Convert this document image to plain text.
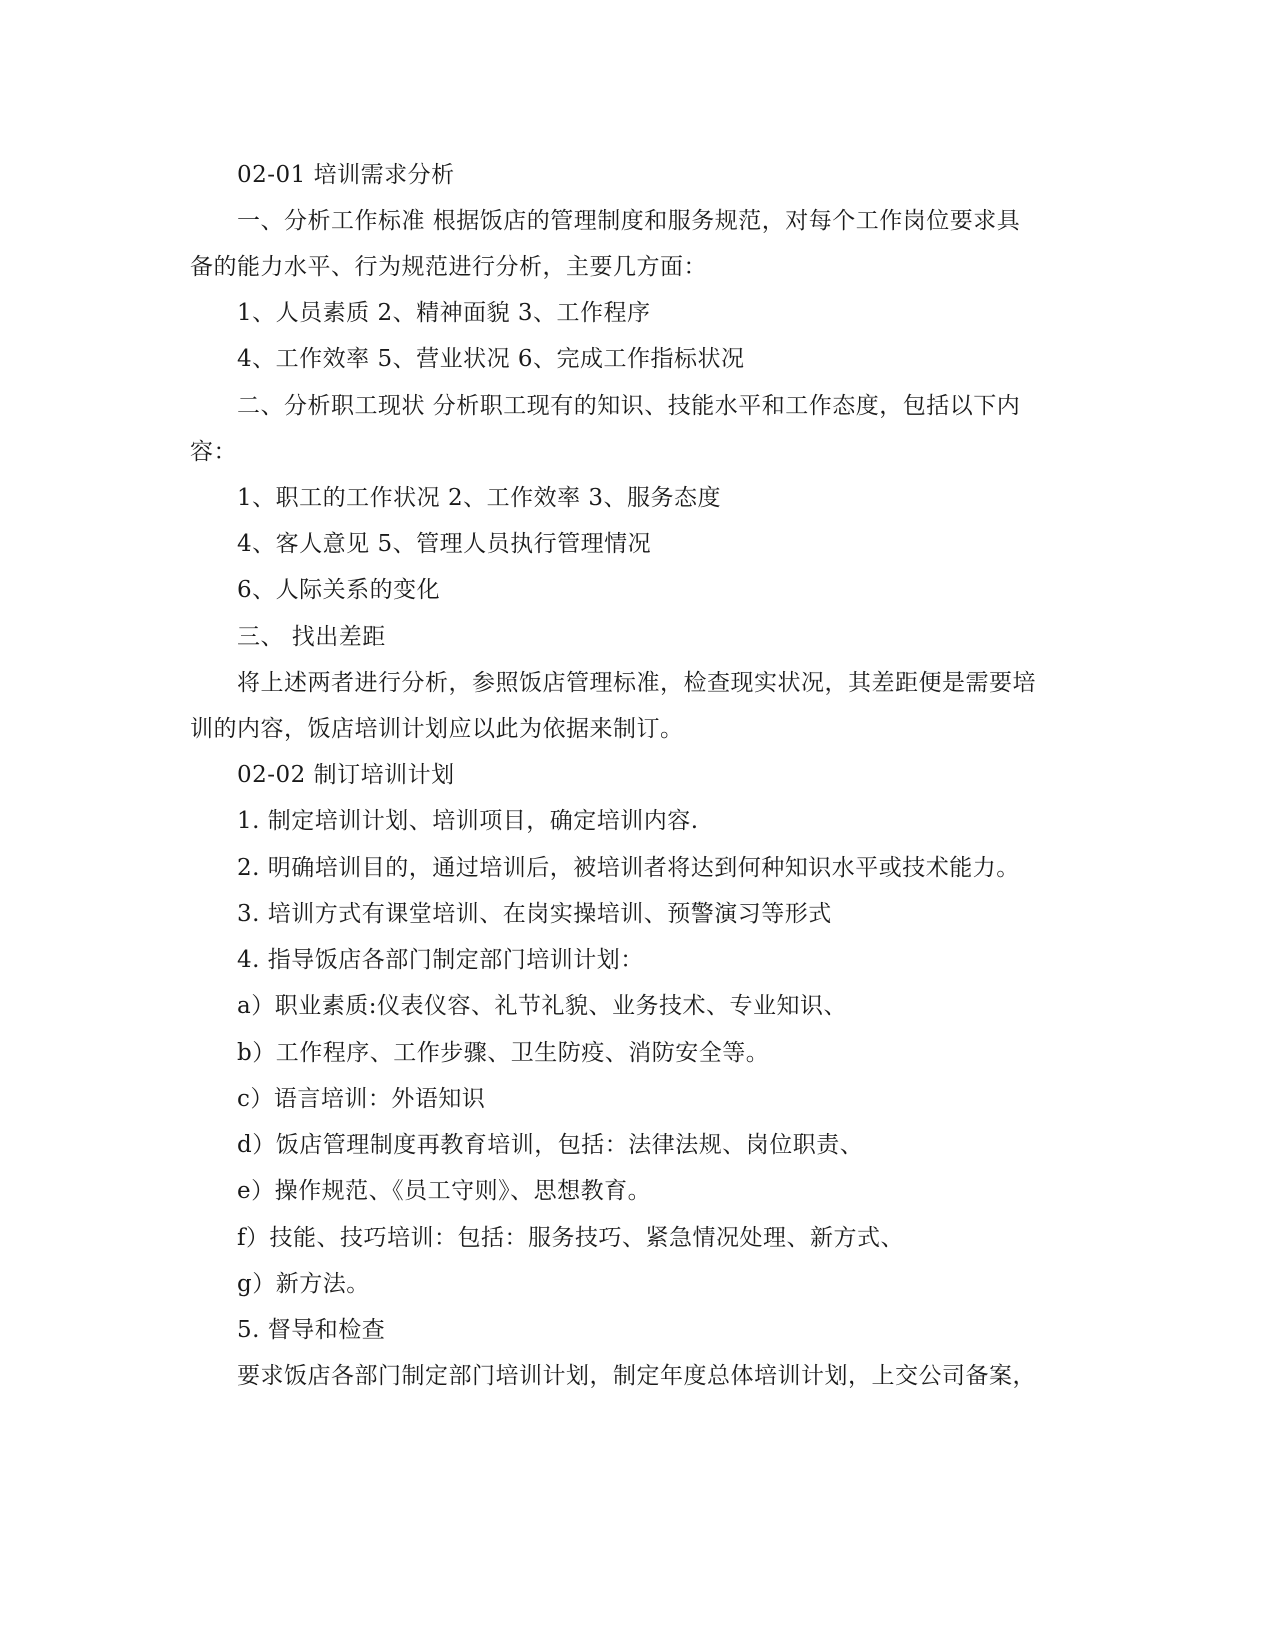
02-01 培训需求分析
一、分析工作标准 根据饭店的管理制度和服务规范，对每个工作岗位要求具
备的能力水平、行为规范进行分析，主要几方面：
1、人员素质 2、精神面貌 3、工作程序
4、工作效率 5、营业状况 6、完成工作指标状况
二、分析职工现状 分析职工现有的知识、技能水平和工作态度，包括以下内
容：
1、职工的工作状况 2、工作效率 3、服务态度
4、客人意见 5、管理人员执行管理情况
6、人际关系的变化
三、 找出差距
将上述两者进行分析，参照饭店管理标准，检查现实状况，其差距便是需要培
训的内容，饭店培训计划应以此为依据来制订。
02-02 制订培训计划
1. 制定培训计划、培训项目，确定培训内容.
2. 明确培训目的，通过培训后，被培训者将达到何种知识水平或技术能力。
3. 培训方式有课堂培训、在岗实操培训、预警演习等形式
4. 指导饭店各部门制定部门培训计划：
a）职业素质:仪表仪容、礼节礼貌、业务技术、专业知识、
b）工作程序、工作步骤、卫生防疫、消防安全等。
c）语言培训：外语知识
d）饭店管理制度再教育培训，包括：法律法规、岗位职责、
e）操作规范、《员工守则》、思想教育。
f）技能、技巧培训：包括：服务技巧、紧急情况处理、新方式、
g）新方法。
5. 督导和检查
要求饭店各部门制定部门培训计划，制定年度总体培训计划，上交公司备案，
